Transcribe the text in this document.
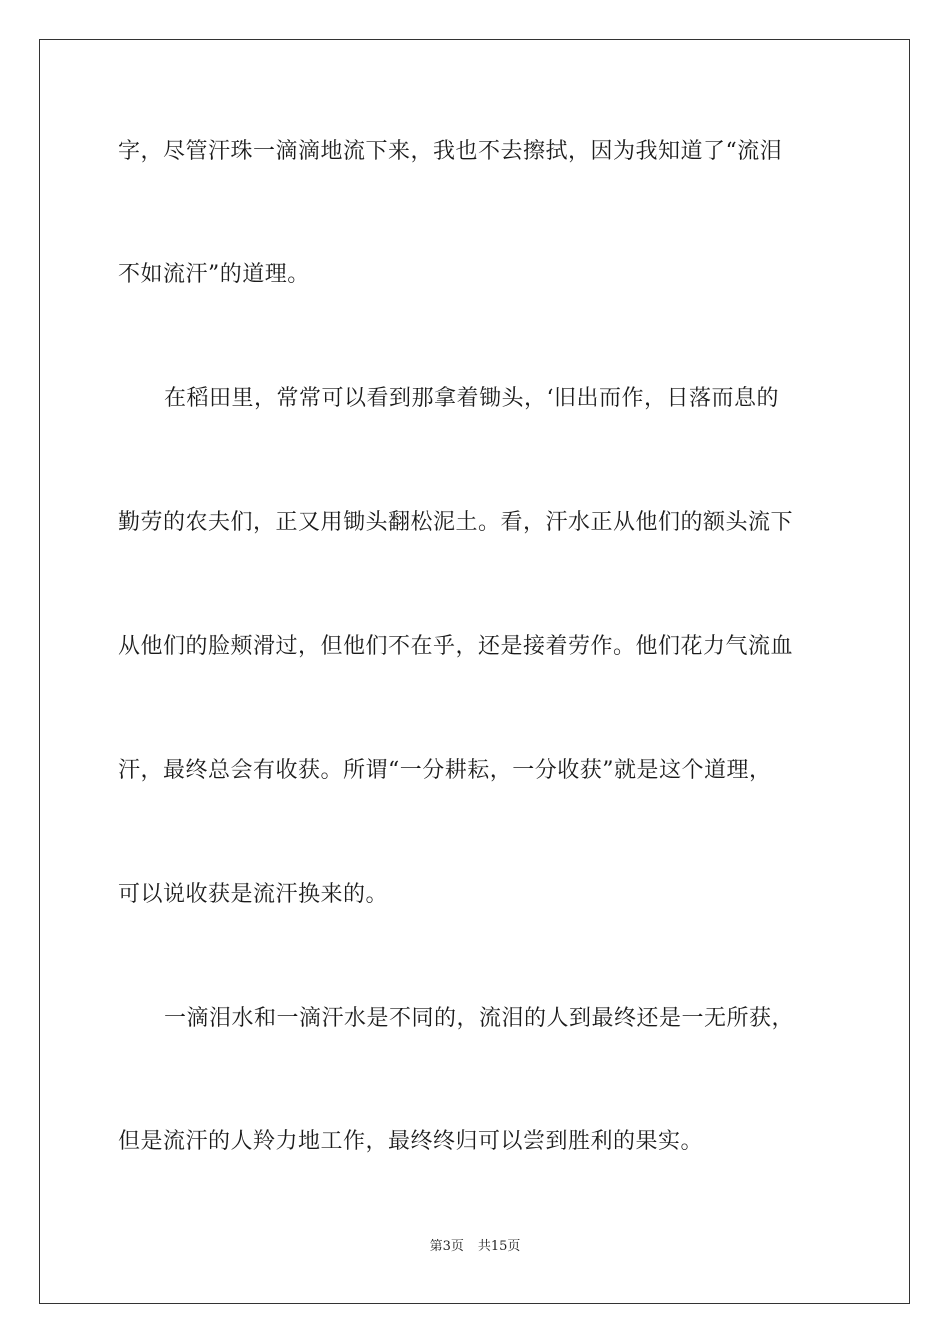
字，尽管汗珠一滴滴地流下来，我也不去擦拭，因为我知道了“流泪
不如流汗”的道理。
在稻田里，常常可以看到那拿着锄头，‘旧出而作，日落而息的
勤劳的农夫们，正又用锄头翻松泥土。看，汗水正从他们的额头流下
从他们的脸颊滑过，但他们不在乎，还是接着劳作。他们花力气流血
汗，最终总会有收获。所谓“一分耕耘，一分收获”就是这个道理，
可以说收获是流汗换来的。
一滴泪水和一滴汗水是不同的，流泪的人到最终还是一无所获，
但是流汗的人羚力地工作，最终终归可以尝到胜利的果实。
第3页 共15页
